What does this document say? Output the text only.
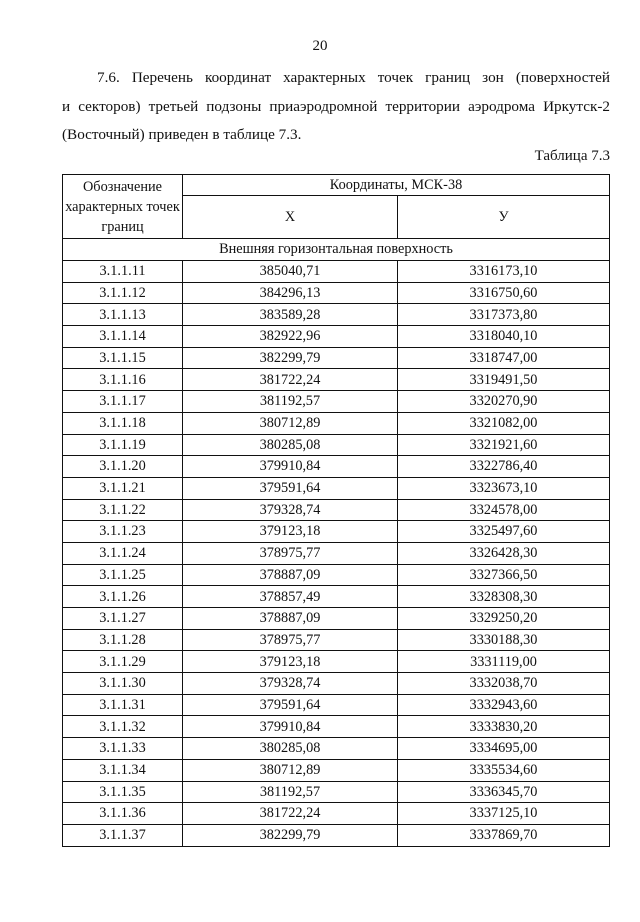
20

7.6. Перечень координат характерных точек границ зон (поверхностей
и секторов) третьей подзоны приаэродромной территории аэродрома Иркутск-2
(Восточный) приведен в таблице 7.3.

Таблица 7.3
Обозначение характерных точек границ	Координаты, МСК-38	
	Х	У
Внешняя горизонтальная поверхность		
3.1.1.11	385040,71	3316173,10
3.1.1.12	384296,13	3316750,60
3.1.1.13	383589,28	3317373,80
3.1.1.14	382922,96	3318040,10
3.1.1.15	382299,79	3318747,00
3.1.1.16	381722,24	3319491,50
3.1.1.17	381192,57	3320270,90
3.1.1.18	380712,89	3321082,00
3.1.1.19	380285,08	3321921,60
3.1.1.20	379910,84	3322786,40
3.1.1.21	379591,64	3323673,10
3.1.1.22	379328,74	3324578,00
3.1.1.23	379123,18	3325497,60
3.1.1.24	378975,77	3326428,30
3.1.1.25	378887,09	3327366,50
3.1.1.26	378857,49	3328308,30
3.1.1.27	378887,09	3329250,20
3.1.1.28	378975,77	3330188,30
3.1.1.29	379123,18	3331119,00
3.1.1.30	379328,74	3332038,70
3.1.1.31	379591,64	3332943,60
3.1.1.32	379910,84	3333830,20
3.1.1.33	380285,08	3334695,00
3.1.1.34	380712,89	3335534,60
3.1.1.35	381192,57	3336345,70
3.1.1.36	381722,24	3337125,10
3.1.1.37	382299,79	3337869,70
